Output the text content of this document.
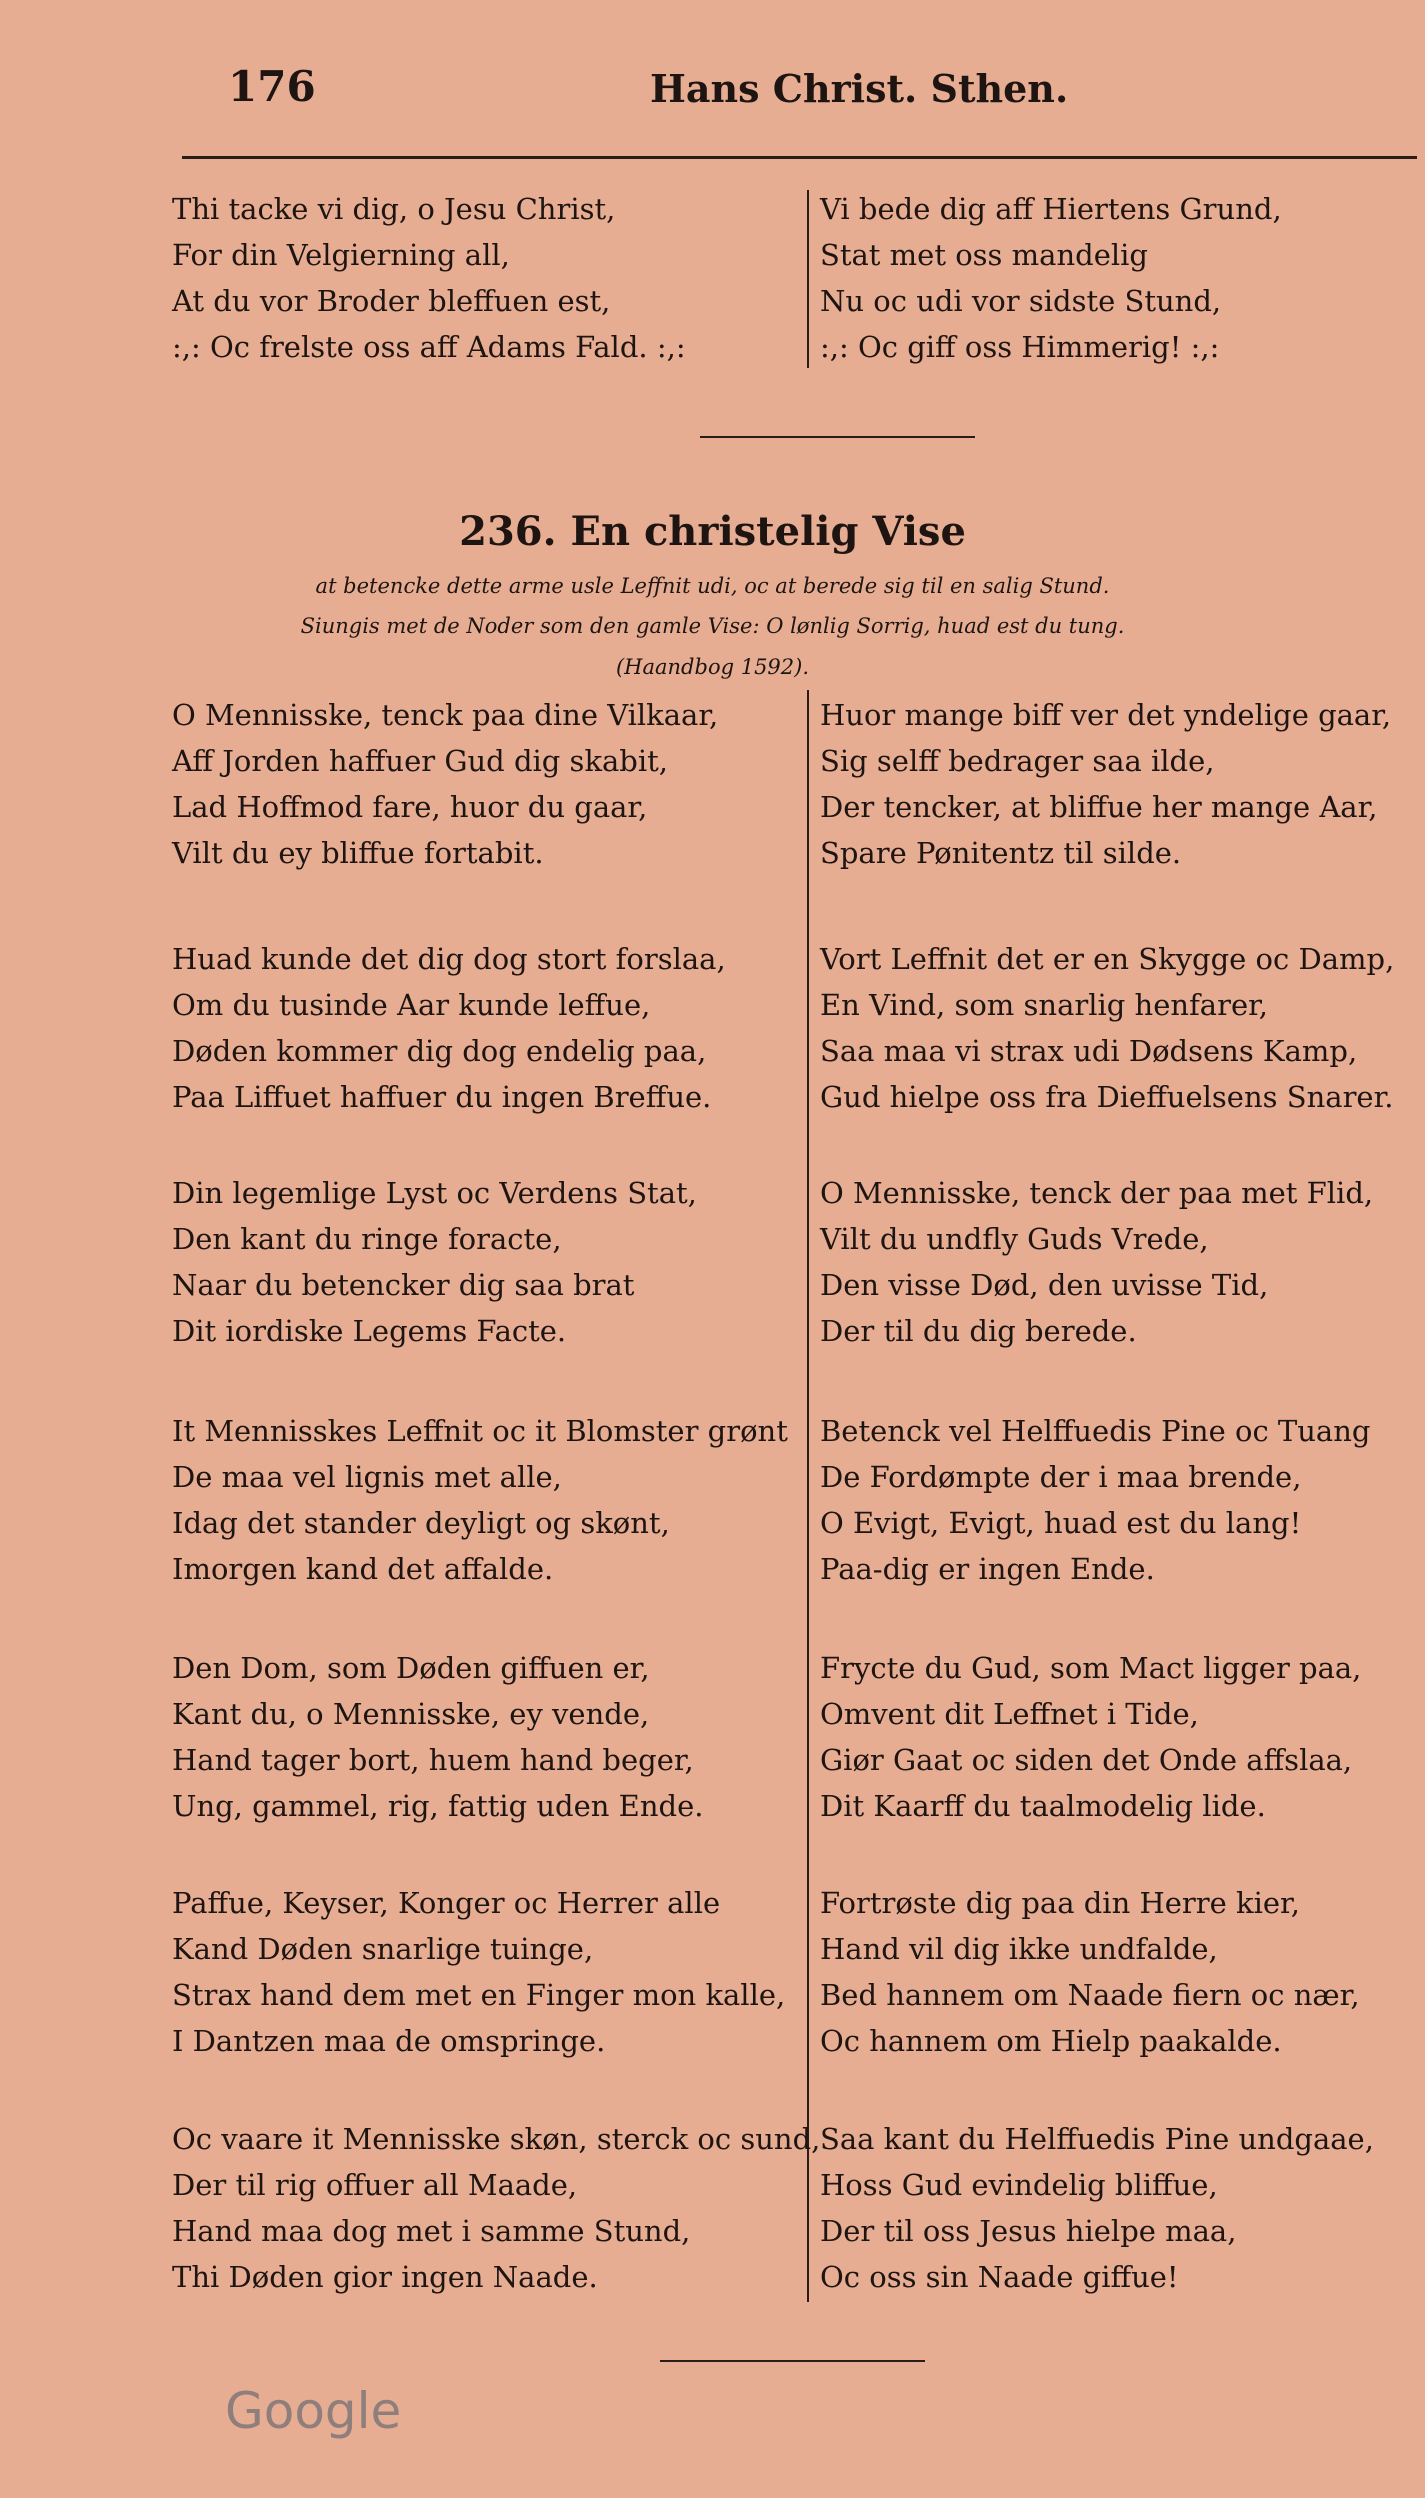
176	Hans Christ. Sthen.
Thi tacke vi dig, o Jesu Christ,
For din Velgierning all,
At du vor Broder bleffuen est,
:,: Oc frelste oss aff Adams Fald. :,:
Vi bede dig aff Hiertens Grund,
Stat met oss mandelig
Nu oc udi vor sidste Stund,
:,: Oc giff oss Himmerig! :,:
236. En christelig Vise
at betencke dette arme usle Leffnit udi, oc at berede sig til en salig Stund.
Siungis met de Noder som den gamle Vise: O lønlig Sorrig, huad est du tung.
(Haandbog 1592).
O Mennisske, tenck paa dine Vilkaar,
Aff Jorden haffuer Gud dig skabit,
Lad Hoffmod fare, huor du gaar,
Vilt du ey bliffue fortabit.
Huad kunde det dig dog stort forslaa,
Om du tusinde Aar kunde leffue,
Døden kommer dig dog endelig paa,
Paa Liffuet haffuer du ingen Breffue.
Din legemlige Lyst oc Verdens Stat,
Den kant du ringe foracte,
Naar du betencker dig saa brat
Dit iordiske Legems Facte.
It Mennisskes Leffnit oc it Blomster grønt
De maa vel lignis met alle,
Idag det stander deyligt og skønt,
Imorgen kand det affalde.
Den Dom, som Døden giffuen er,
Kant du, o Mennisske, ey vende,
Hand tager bort, huem hand beger,
Ung, gammel, rig, fattig uden Ende.
Paffue, Keyser, Konger oc Herrer alle
Kand Døden snarlige tuinge,
Strax hand dem met en Finger mon kalle,
I Dantzen maa de omspringe.
Oc vaare it Mennisske skøn, sterck oc sund,
Der til rig offuer all Maade,
Hand maa dog met i samme Stund,
Thi Døden gior ingen Naade.
Huor mange biff ver det yndelige gaar,
Sig selff bedrager saa ilde,
Der tencker, at bliffue her mange Aar,
Spare Pønitentz til silde.
Vort Leffnit det er en Skygge oc Damp,
En Vind, som snarlig henfarer,
Saa maa vi strax udi Dødsens Kamp,
Gud hielpe oss fra Dieffuelsens Snarer.
O Mennisske, tenck der paa met Flid,
Vilt du undfly Guds Vrede,
Den visse Død, den uvisse Tid,
Der til du dig berede.
Betenck vel Helffuedis Pine oc Tuang
De Fordømpte der i maa brende,
O Evigt, Evigt, huad est du lang!
Paa-dig er ingen Ende.
Frycte du Gud, som Mact ligger paa,
Omvent dit Leffnet i Tide,
Giør Gaat oc siden det Onde affslaa,
Dit Kaarff du taalmodelig lide.
Fortrøste dig paa din Herre kier,
Hand vil dig ikke undfalde,
Bed hannem om Naade fiern oc nær,
Oc hannem om Hielp paakalde.
Saa kant du Helffuedis Pine undgaae,
Hoss Gud evindelig bliffue,
Der til oss Jesus hielpe maa,
Oc oss sin Naade giffue!
Google
